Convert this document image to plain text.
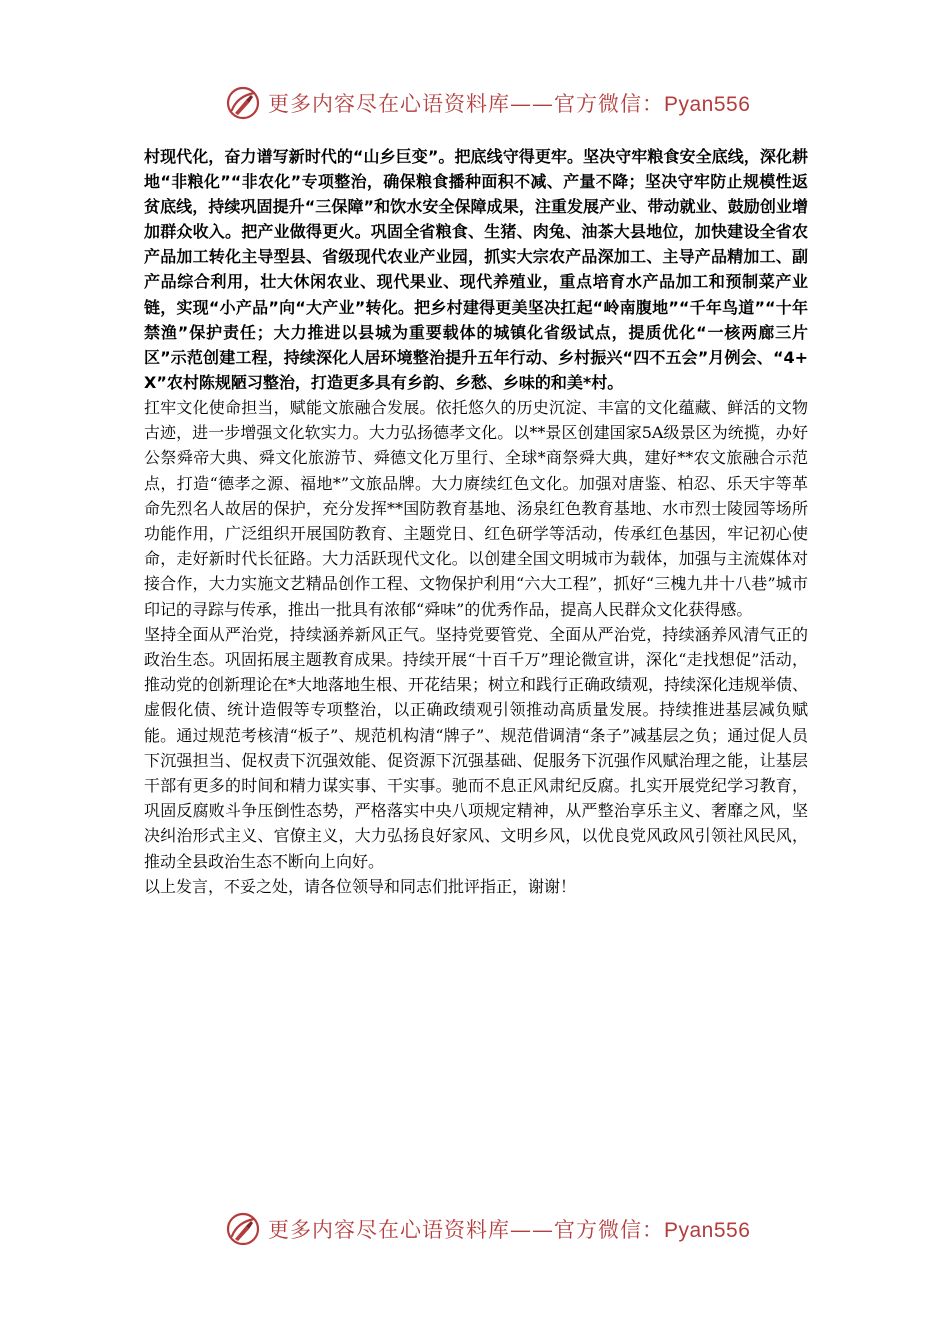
更多内容尽在心语资料库——官方微信：Pyan556

村现代化，奋力谱写新时代的“山乡巨变”。把底线守得更牢。坚决守牢粮食安全底线，深化耕地“非粮化”“非农化”专项整治，确保粮食播种面积不减、产量不降；坚决守牢防止规模性返贫底线，持续巩固提升“三保障”和饮水安全保障成果，注重发展产业、带动就业、鼓励创业增加群众收入。把产业做得更火。巩固全省粮食、生猪、肉兔、油茶大县地位，加快建设全省农产品加工转化主导型县、省级现代农业产业园，抓实大宗农产品深加工、主导产品精加工、副产品综合利用，壮大休闲农业、现代果业、现代养殖业，重点培育水产品加工和预制菜产业链，实现“小产品”向“大产业”转化。把乡村建得更美坚决扛起“岭南腹地”“千年鸟道”“十年禁渔”保护责任；大力推进以县城为重要载体的城镇化省级试点，提质优化“一核两廊三片区”示范创建工程，持续深化人居环境整治提升五年行动、乡村振兴“四不五会”月例会、“4+X”农村陈规陋习整治，打造更多具有乡韵、乡愁、乡味的和美*村。

扛牢文化使命担当，赋能文旅融合发展。依托悠久的历史沉淀、丰富的文化蕴藏、鲜活的文物古迹，进一步增强文化软实力。大力弘扬德孝文化。以**景区创建国家5A级景区为统揽，办好公祭舜帝大典、舜文化旅游节、舜德文化万里行、全球*商祭舜大典，建好**农文旅融合示范点，打造“德孝之源、福地*”文旅品牌。大力赓续红色文化。加强对唐鉴、柏忍、乐天宇等革命先烈名人故居的保护，充分发挥**国防教育基地、汤泉红色教育基地、水市烈士陵园等场所功能作用，广泛组织开展国防教育、主题党日、红色研学等活动，传承红色基因，牢记初心使命，走好新时代长征路。大力活跃现代文化。以创建全国文明城市为载体，加强与主流媒体对接合作，大力实施文艺精品创作工程、文物保护利用“六大工程”，抓好“三槐九井十八巷”城市印记的寻踪与传承，推出一批具有浓郁“舜味”的优秀作品，提高人民群众文化获得感。

坚持全面从严治党，持续涵养新风正气。坚持党要管党、全面从严治党，持续涵养风清气正的政治生态。巩固拓展主题教育成果。持续开展“十百千万”理论微宣讲，深化“走找想促”活动，推动党的创新理论在*大地落地生根、开花结果；树立和践行正确政绩观，持续深化违规举债、虚假化债、统计造假等专项整治，以正确政绩观引领推动高质量发展。持续推进基层减负赋能。通过规范考核清“板子”、规范机构清“牌子”、规范借调清“条子”减基层之负；通过促人员下沉强担当、促权责下沉强效能、促资源下沉强基础、促服务下沉强作风赋治理之能，让基层干部有更多的时间和精力谋实事、干实事。驰而不息正风肃纪反腐。扎实开展党纪学习教育，巩固反腐败斗争压倒性态势，严格落实中央八项规定精神，从严整治享乐主义、奢靡之风，坚决纠治形式主义、官僚主义，大力弘扬良好家风、文明乡风，以优良党风政风引领社风民风，推动全县政治生态不断向上向好。

以上发言，不妥之处，请各位领导和同志们批评指正，谢谢！

更多内容尽在心语资料库——官方微信：Pyan556
